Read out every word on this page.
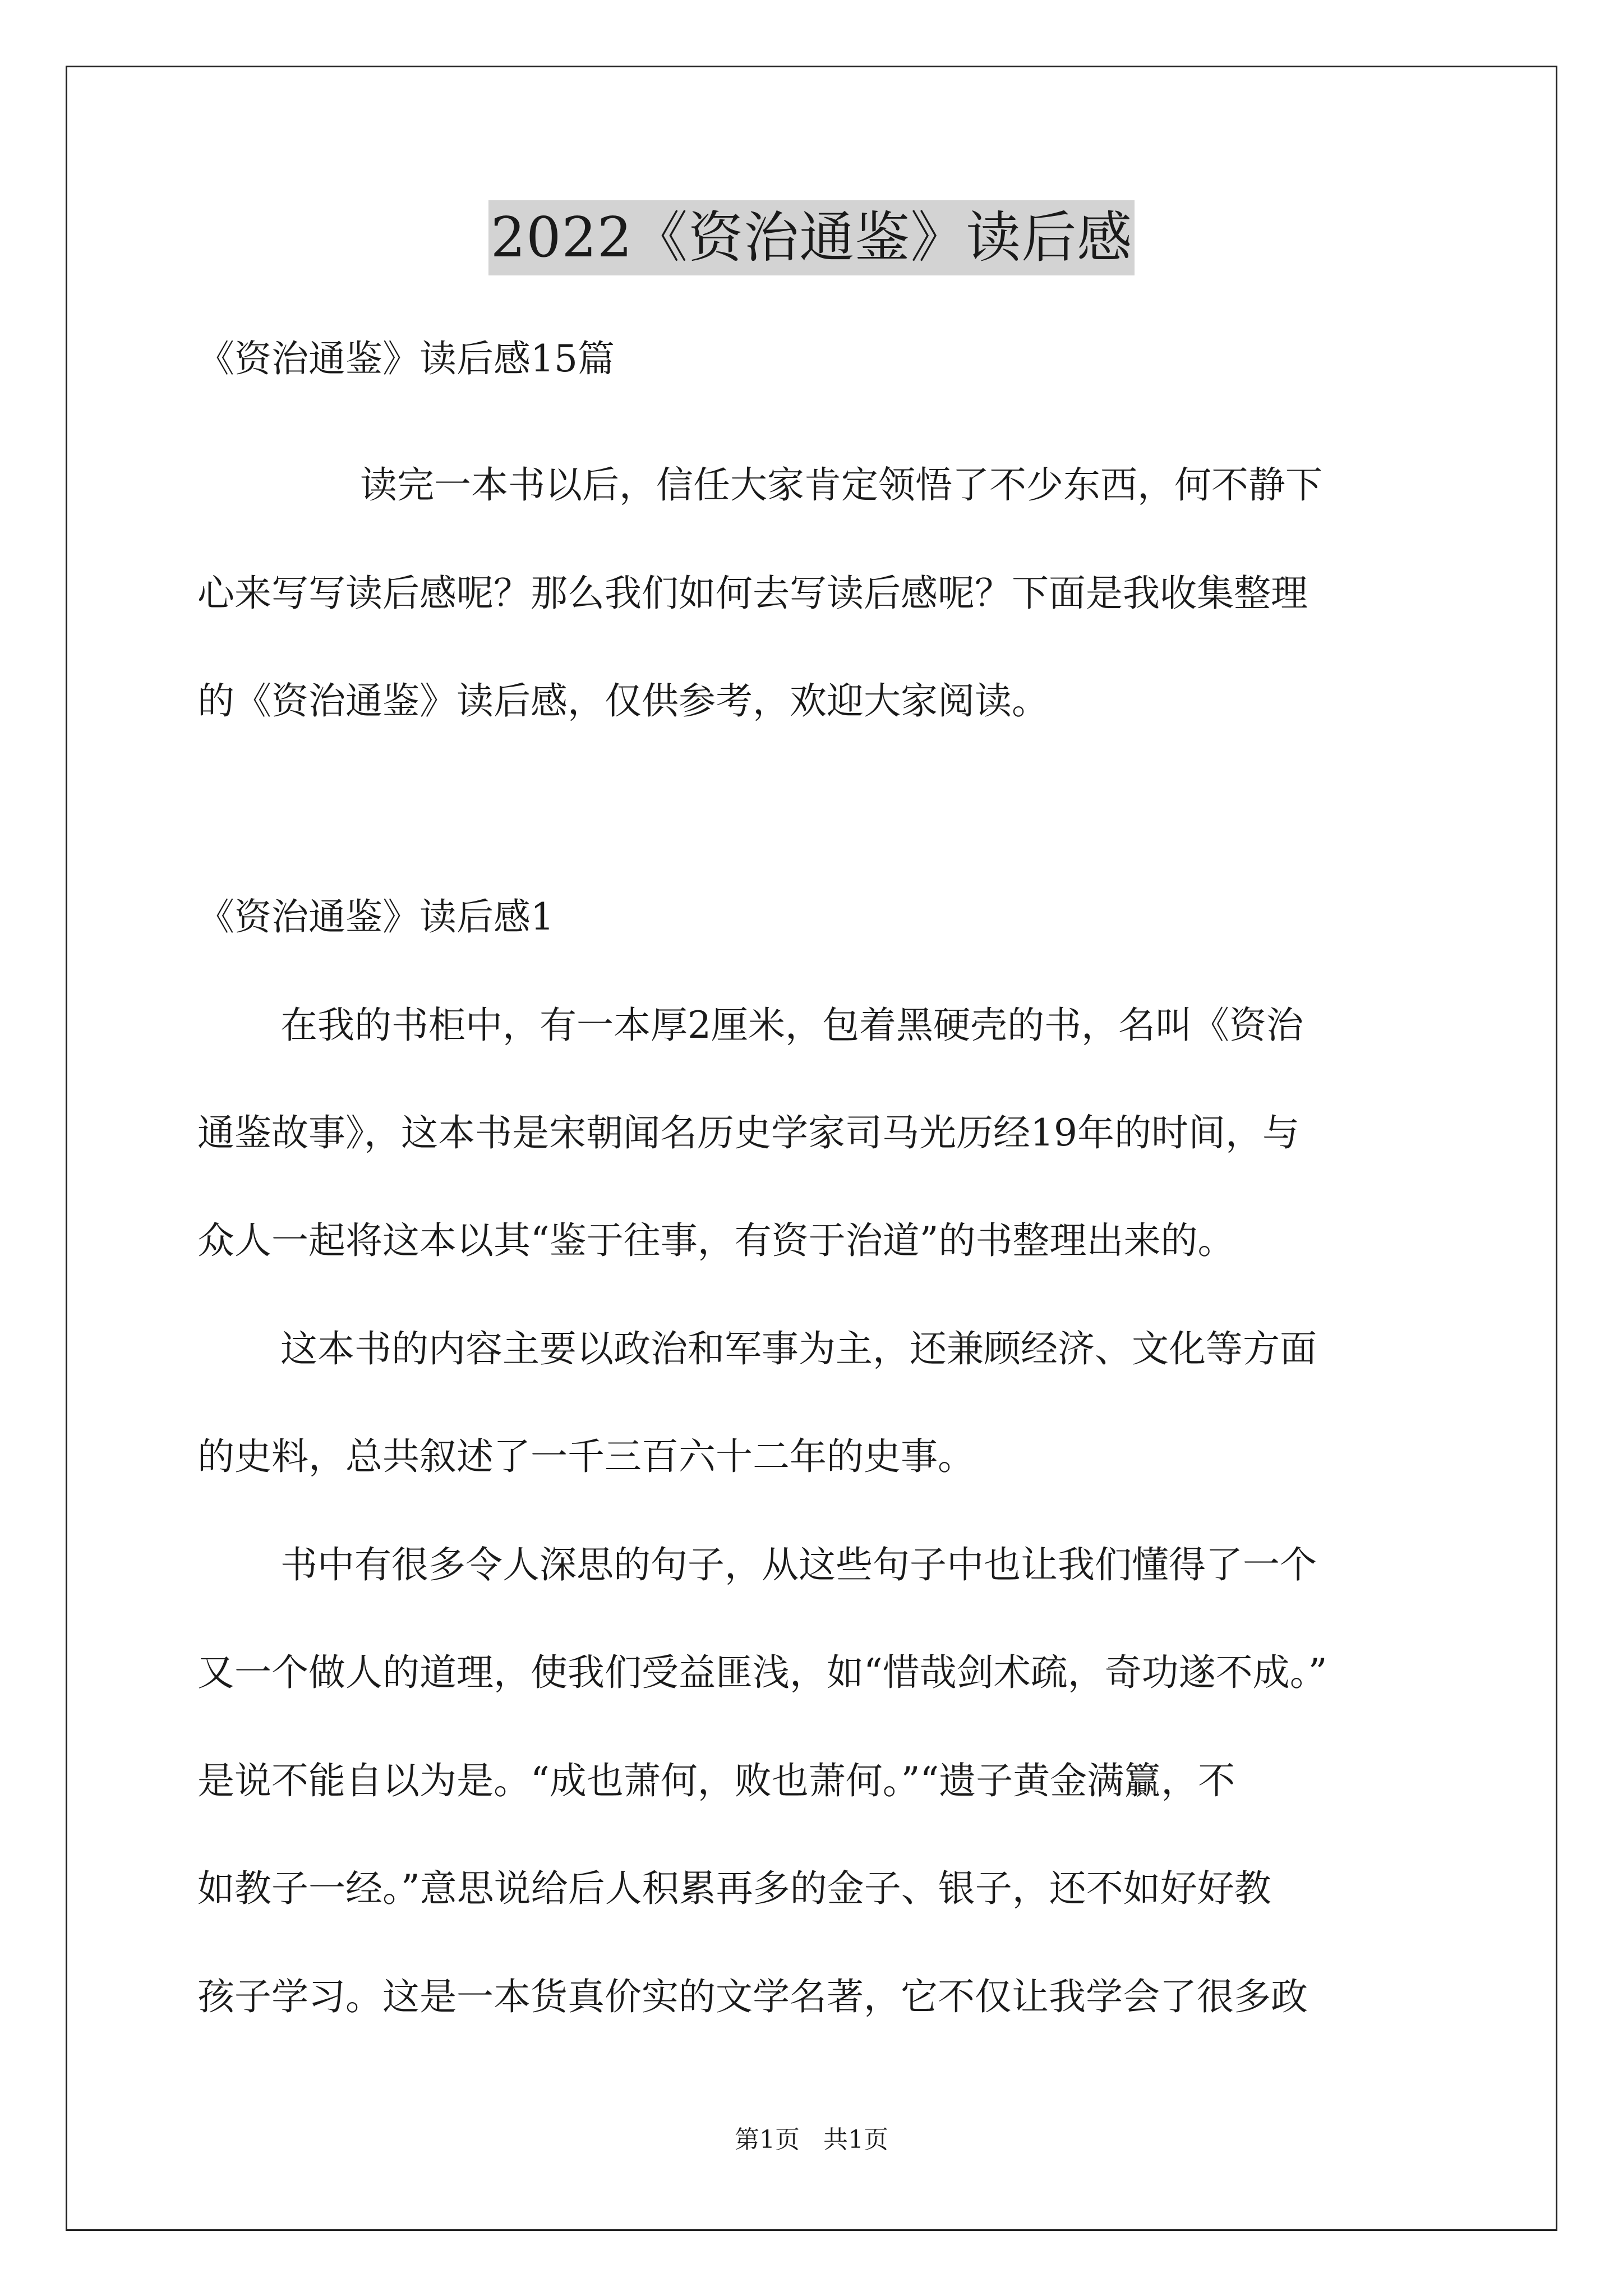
2022《资治通鉴》读后感
《资治通鉴》读后感15篇
读完一本书以后，信任大家肯定领悟了不少东西，何不静下
心来写写读后感呢？那么我们如何去写读后感呢？下面是我收集整理
的《资治通鉴》读后感，仅供参考，欢迎大家阅读。
《资治通鉴》读后感1
在我的书柜中，有一本厚2厘米，包着黑硬壳的书，名叫《资治
通鉴故事》，这本书是宋朝闻名历史学家司马光历经19年的时间，与
众人一起将这本以其“鉴于往事，有资于治道”的书整理出来的。
这本书的内容主要以政治和军事为主，还兼顾经济、文化等方面
的史料，总共叙述了一千三百六十二年的史事。
书中有很多令人深思的句子，从这些句子中也让我们懂得了一个
又一个做人的道理，使我们受益匪浅，如“惜哉剑术疏，奇功遂不成。”
是说不能自以为是。“成也萧何，败也萧何。”“遗子黄金满籯，不
如教子一经。”意思说给后人积累再多的金子、银子，还不如好好教
孩子学习。这是一本货真价实的文学名著，它不仅让我学会了很多政
第1页 共1页
